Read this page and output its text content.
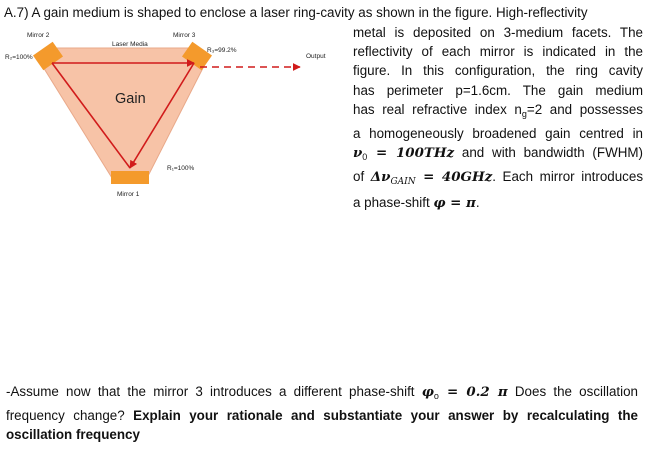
A.7) A gain medium is shaped to enclose a laser ring-cavity as shown in the figure. High-reflectivity
Mirror 2	Mirror 3
Laser Media
R₃=99.2%
R₂=100%	Output
Gain
R₁=100%
Mirror 1
metal is deposited on 3-medium facets. The
reflectivity of each mirror is indicated in the
figure. In this configuration, the ring cavity
has perimeter p=1.6cm. The gain medium
has real refractive index $n_g=2$ and possesses
a homogeneously broadened gain centred in
$\nu_0 = 100THz$ and with bandwidth (FWHM)
of $\Delta\nu_{GAIN} = 40GHz$. Each mirror introduces
a phase-shift φ = π.
-Assume now that the mirror 3 introduces a different phase-shift $\varphi_o = 0.2$ π Does the oscillation
frequency change? Explain your rationale and substantiate your answer by recalculating the
oscillation frequency
